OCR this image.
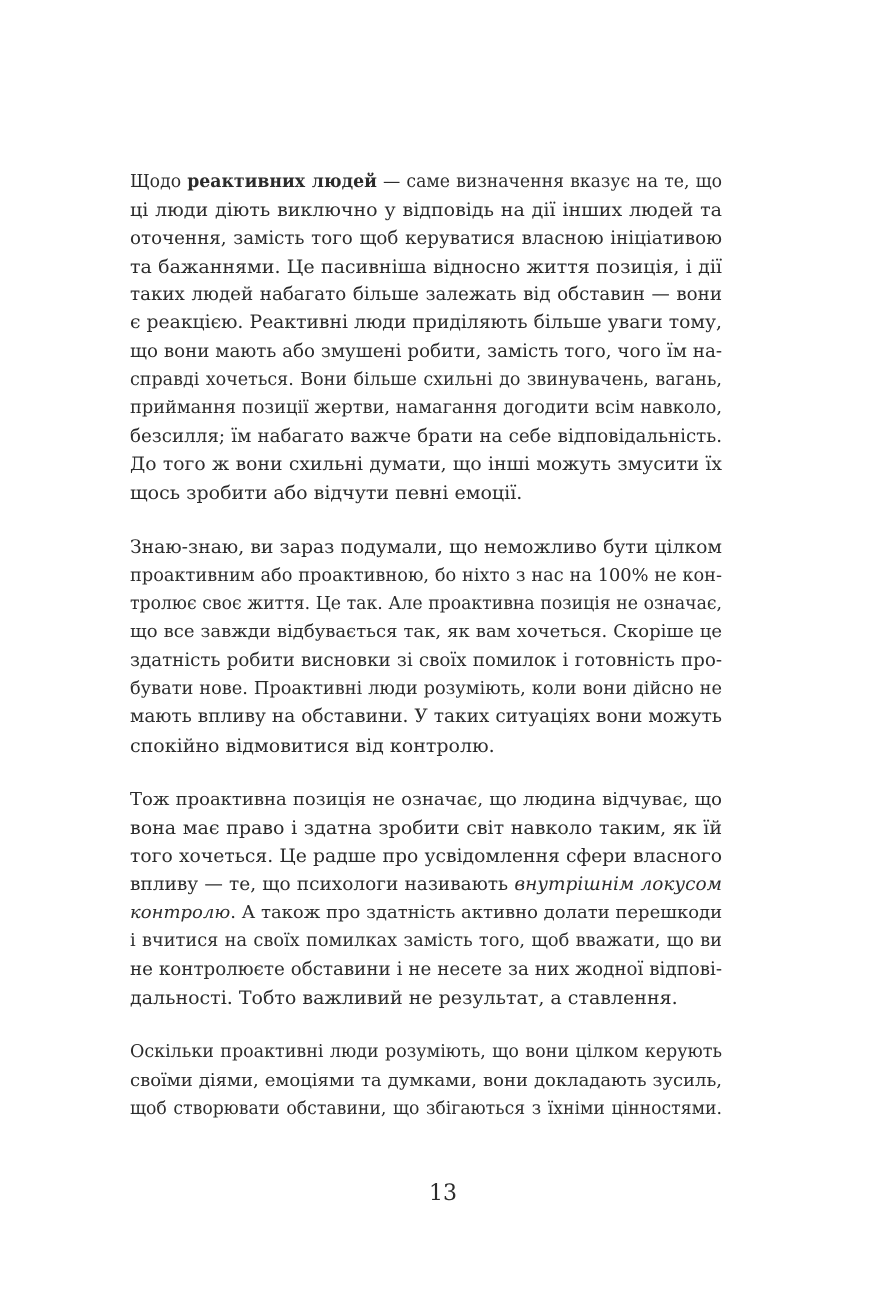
Щодо реактивних людей — саме визначення вказує на те, що
ці люди діють виключно у відповідь на дії інших людей та
оточення, замість того щоб керуватися власною ініціативою
та бажаннями. Це пасивніша відносно життя позиція, і дії
таких людей набагато більше залежать від обставин — вони
є реакцією. Реактивні люди приділяють більше уваги тому,
що вони мають або змушені робити, замість того, чого їм на-
справді хочеться. Вони більше схильні до звинувачень, вагань,
приймання позиції жертви, намагання догодити всім навколо,
безсилля; їм набагато важче брати на себе відповідальність.
До того ж вони схильні думати, що інші можуть змусити їх
щось зробити або відчути певні емоції.
Знаю-знаю, ви зараз подумали, що неможливо бути цілком
проактивним або проактивною, бо ніхто з нас на 100% не кон-
тролює своє життя. Це так. Але проактивна позиція не означає,
що все завжди відбувається так, як вам хочеться. Скоріше це
здатність робити висновки зі своїх помилок і готовність про-
бувати нове. Проактивні люди розуміють, коли вони дійсно не
мають впливу на обставини. У таких ситуаціях вони можуть
спокійно відмовитися від контролю.
Тож проактивна позиція не означає, що людина відчуває, що
вона має право і здатна зробити світ навколо таким, як їй
того хочеться. Це радше про усвідомлення сфери власного
впливу — те, що психологи називають внутрішнім локусом
контролю. А також про здатність активно долати перешкоди
і вчитися на своїх помилках замість того, щоб вважати, що ви
не контролюєте обставини і не несете за них жодної відпові-
дальності. Тобто важливий не результат, а ставлення.
Оскільки проактивні люди розуміють, що вони цілком керують
своїми діями, емоціями та думками, вони докладають зусиль,
щоб створювати обставини, що збігаються з їхніми цінностями.
13
